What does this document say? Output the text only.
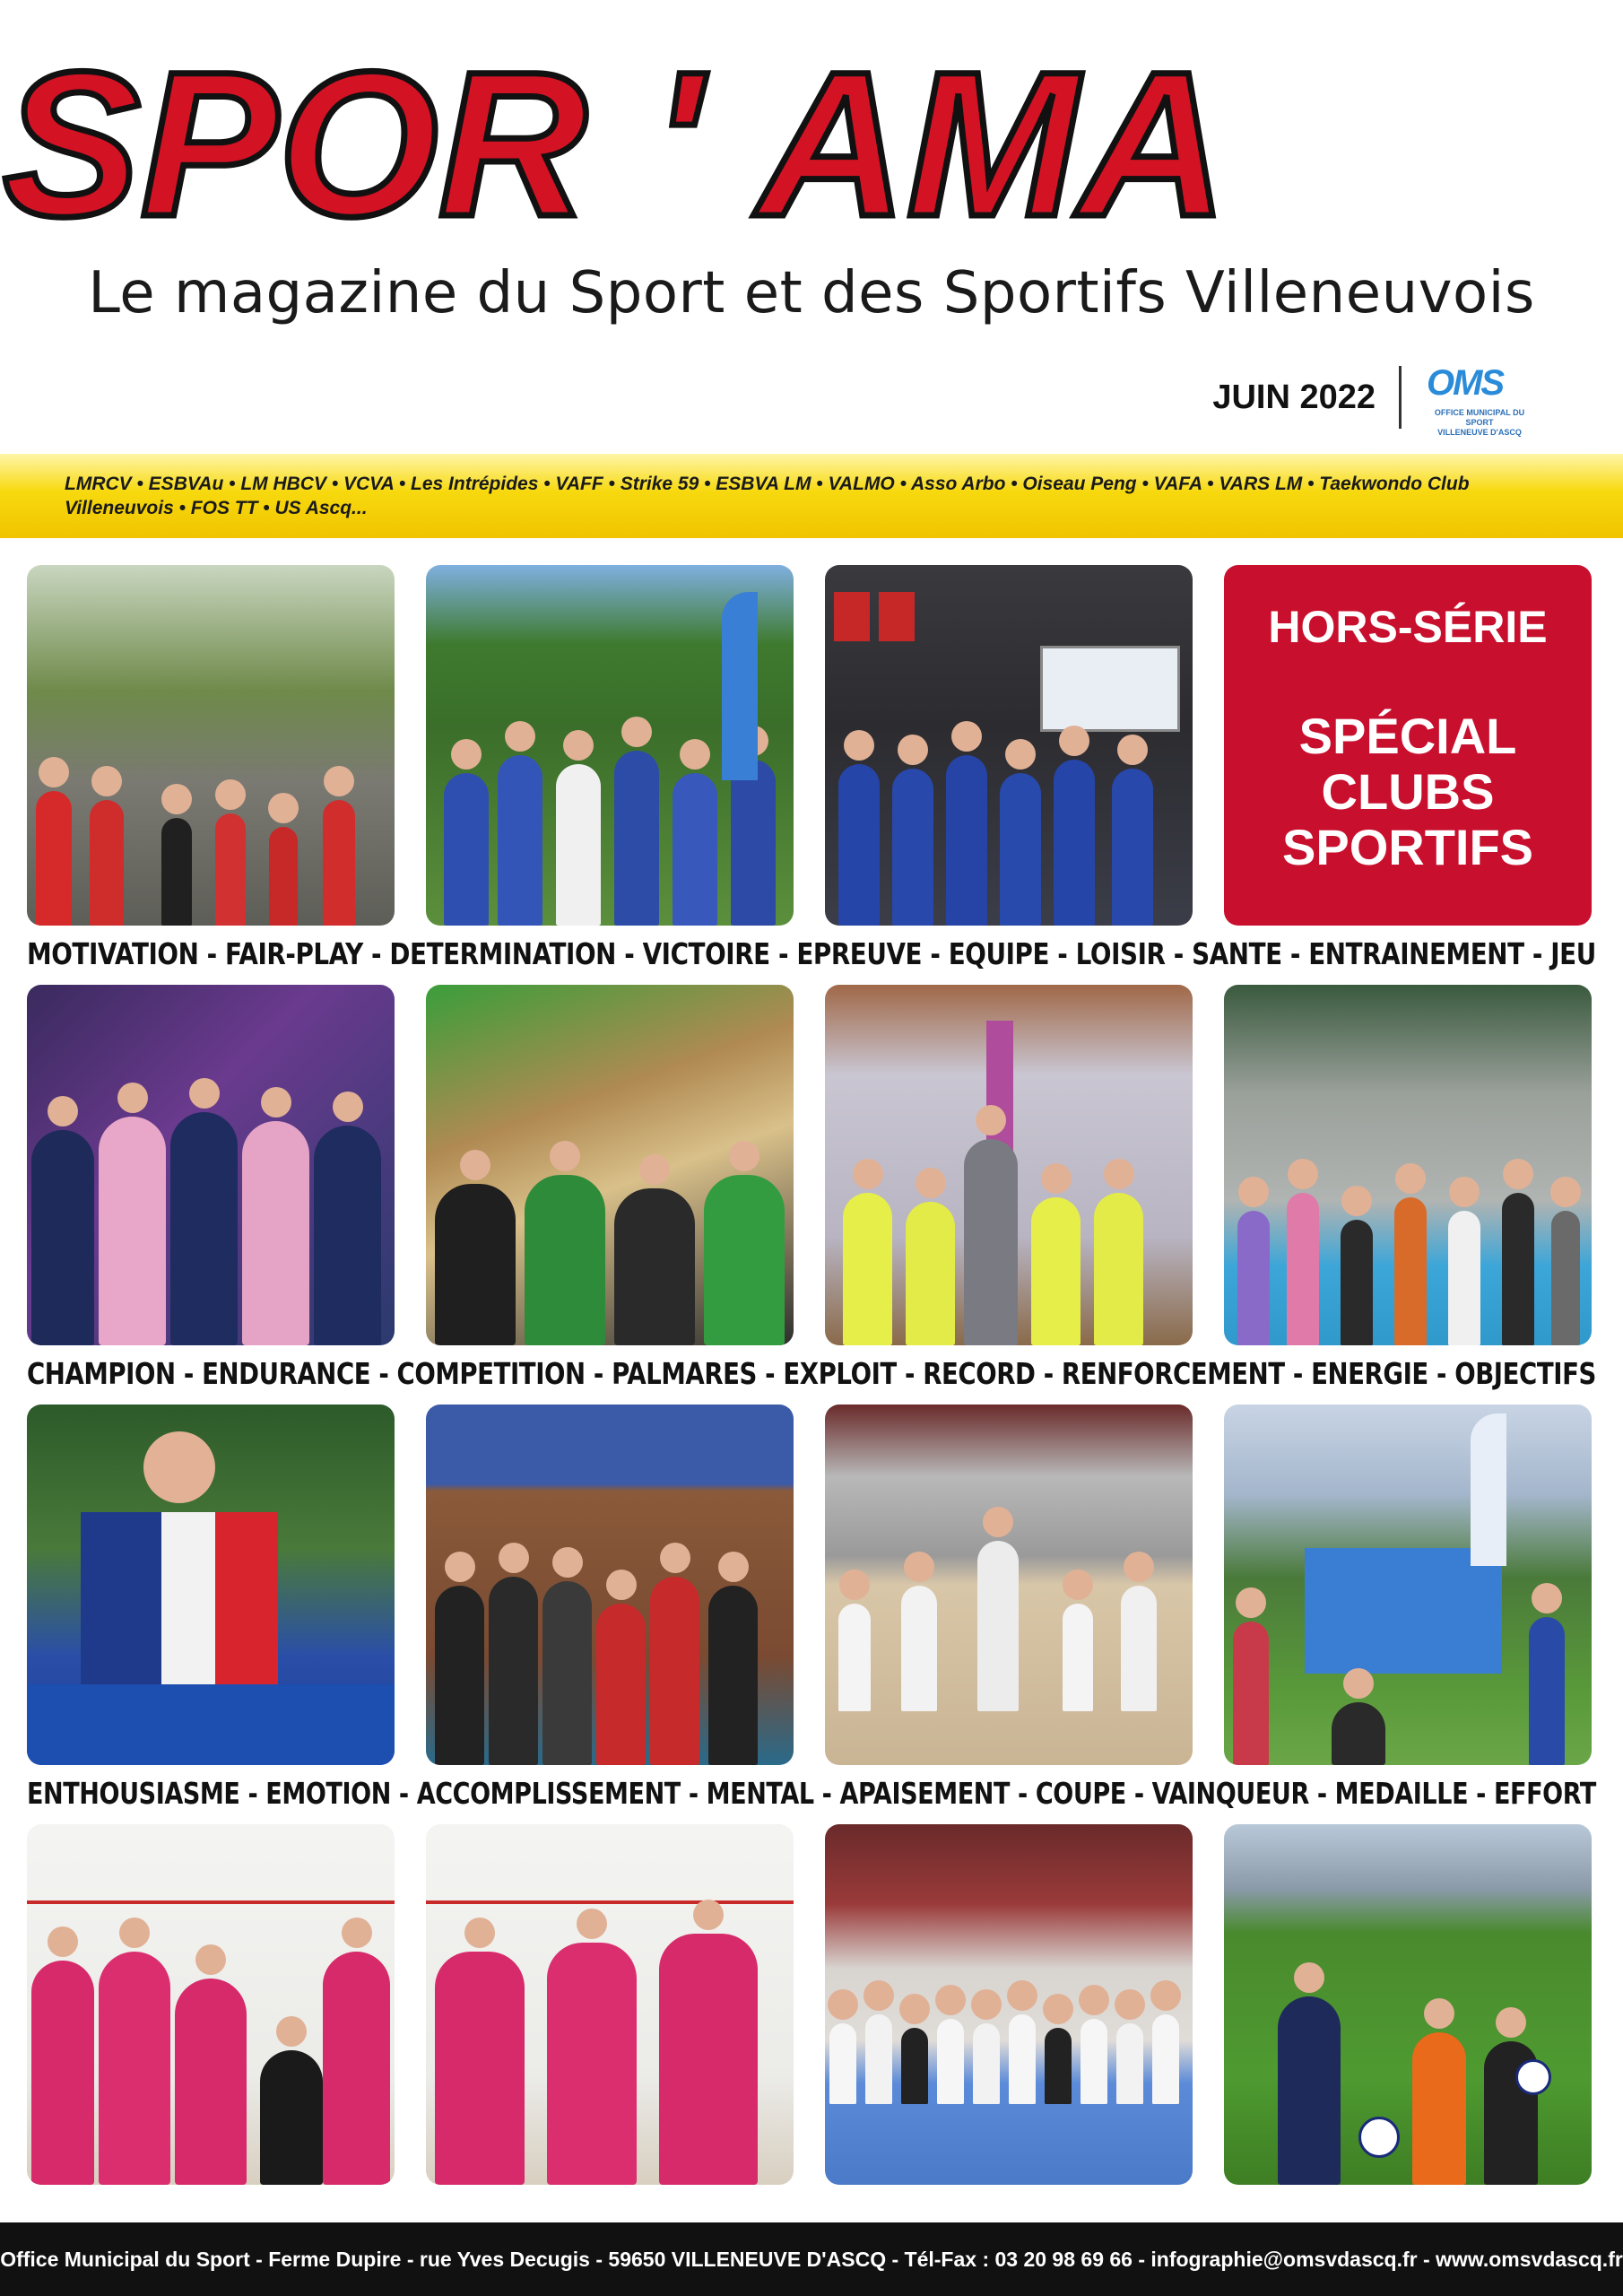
SPOR ' AMA
Le magazine du Sport et des Sportifs Villeneuvois
JUIN 2022	OMS
OFFICE MUNICIPAL DU SPORT
VILLENEUVE D'ASCQ
LMRCV • ESBVAu • LM HBCV • VCVA • Les Intrépides • VAFF • Strike 59 • ESBVA LM • VALMO • Asso Arbo • Oiseau Peng • VAFA • VARS LM • Taekwondo Club Villeneuvois • FOS TT • US Ascq...
HORS-SÉRIE
SPÉCIAL
CLUBS
SPORTIFS
MOTIVATION - FAIR-PLAY - DETERMINATION - VICTOIRE - EPREUVE - EQUIPE - LOISIR - SANTE - ENTRAINEMENT - JEU
CHAMPION - ENDURANCE - COMPETITION - PALMARES - EXPLOIT - RECORD - RENFORCEMENT - ENERGIE - OBJECTIFS
ENTHOUSIASME - EMOTION - ACCOMPLISSEMENT - MENTAL - APAISEMENT - COUPE - VAINQUEUR - MEDAILLE - EFFORT
Office Municipal du Sport - Ferme Dupire - rue Yves Decugis - 59650 VILLENEUVE D'ASCQ - Tél-Fax : 03 20 98 69 66 - infographie@omsvdascq.fr - www.omsvdascq.fr
